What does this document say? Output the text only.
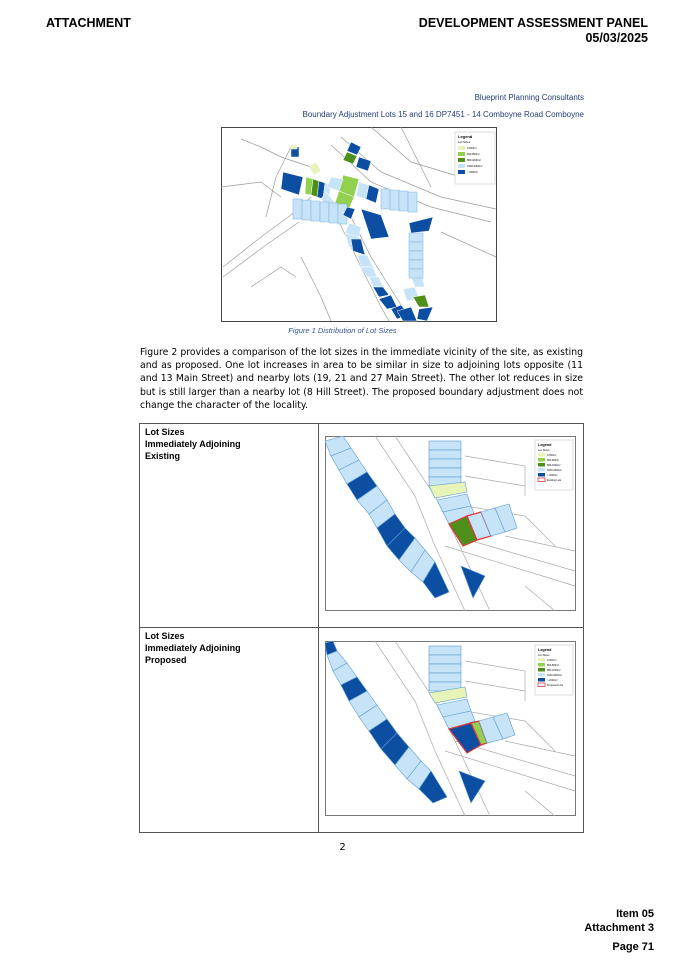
ATTACHMENT	DEVELOPMENT ASSESSMENT PANEL
05/03/2025
Blueprint Planning Consultants
Boundary Adjustment Lots 15 and 16 DP7451 - 14 Comboyne Road Comboyne
Legend
Lot Sizes
0-500m²
500-800m²
800-1000m²
1000-2000m²
> 2000m²
Figure 1 Distribution of Lot Sizes
Figure 2 provides a comparison of the lot sizes in the immediate vicinity of the site, as existing and as proposed. One lot increases in area to be similar in size to adjoining lots opposite (11 and 13 Main Street) and nearby lots (19, 21 and 27 Main Street). The other lot reduces in size but is still larger than a nearby lot (8 Hill Street). The proposed boundary adjustment does not change the character of the locality.
Lot Sizes
Immediately Adjoining
Existing
Lot Sizes
Immediately Adjoining
Proposed
Legend
Lot Sizes
0-500m²
500-800m²
800-1000m²
1000-2000m²
> 2000m²
Existing Lots
Legend
Lot Sizes
0-500m²
500-800m²
800-1000m²
1000-2000m²
> 2000m²
Proposed Lots
2
Item 05
Attachment 3
Page 71
